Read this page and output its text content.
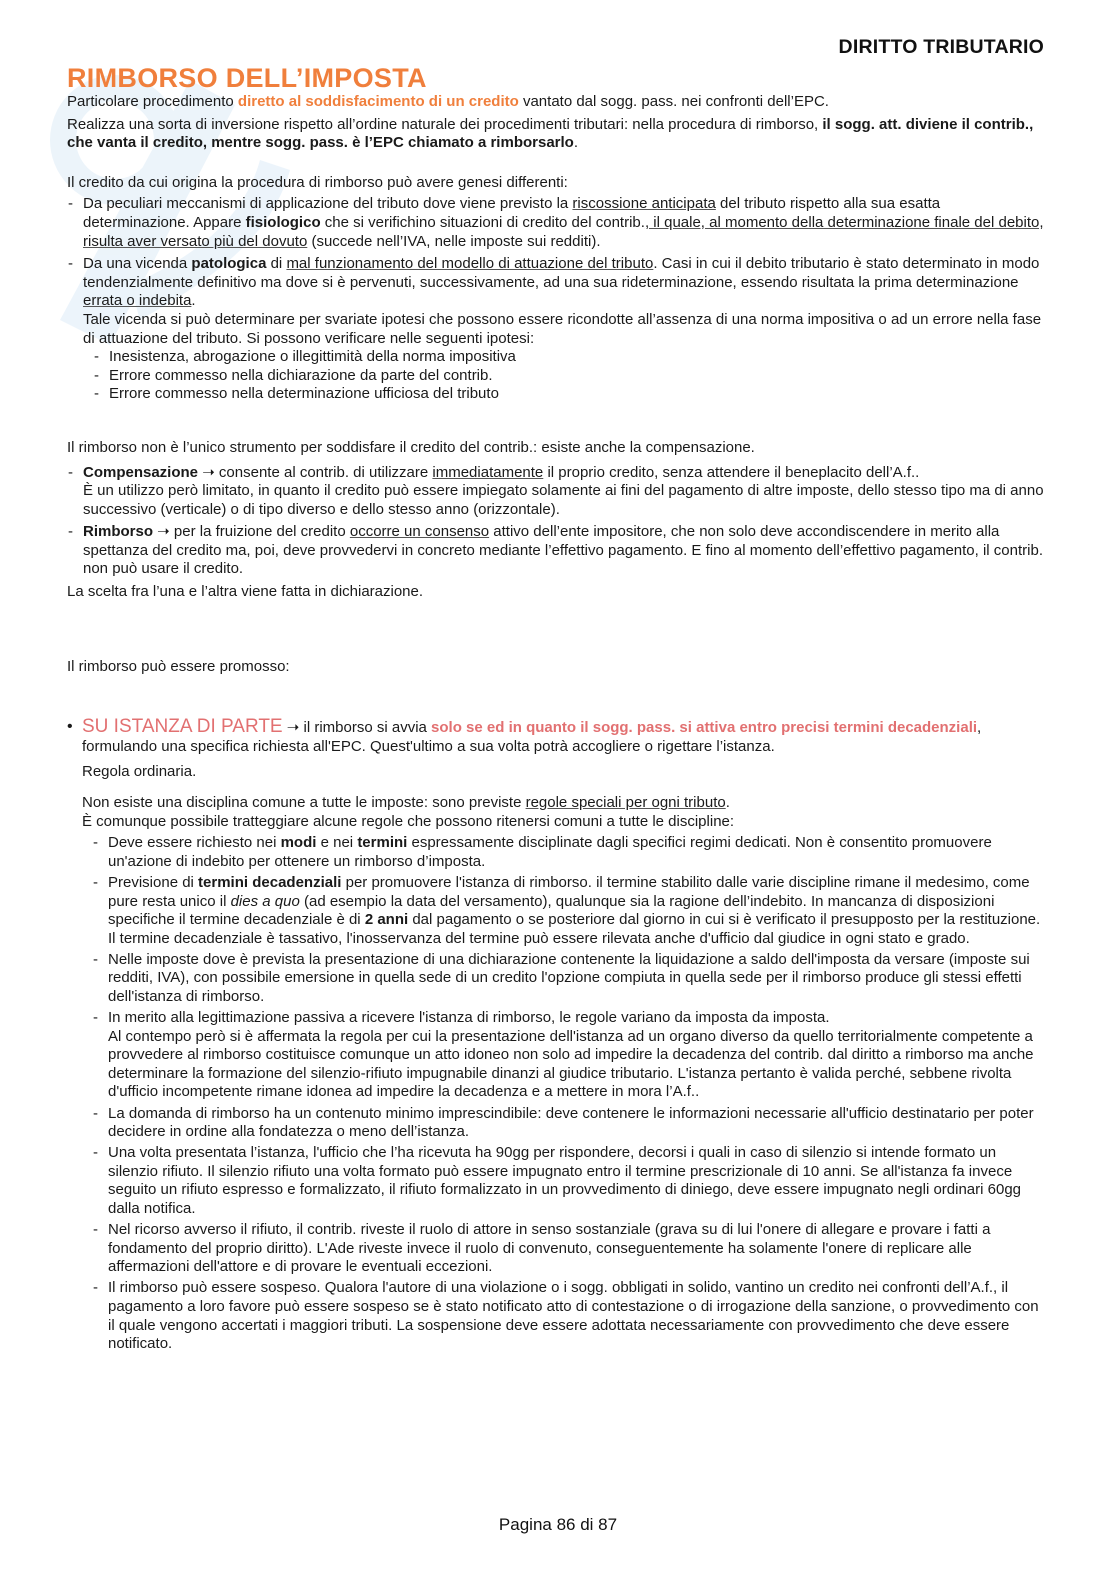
DIRITTO TRIBUTARIO
RIMBORSO DELL’IMPOSTA

Particolare procedimento diretto al soddisfacimento di un credito vantato dal sogg. pass. nei confronti dell’EPC.

Realizza una sorta di inversione rispetto all’ordine naturale dei procedimenti tributari: nella procedura di rimborso, il sogg. att. diviene il contrib., che vanta il credito, mentre sogg. pass. è l’EPC chiamato a rimborsarlo.

Il credito da cui origina la procedura di rimborso può avere genesi differenti:

- Da peculiari meccanismi di applicazione del tributo dove viene previsto la riscossione anticipata del tributo rispetto alla sua esatta determinazione. Appare fisiologico che si verifichino situazioni di credito del contrib., il quale, al momento della determinazione finale del debito, risulta aver versato più del dovuto (succede nell’IVA, nelle imposte sui redditi).
- Da una vicenda patologica di mal funzionamento del modello di attuazione del tributo. Casi in cui il debito tributario è stato determinato in modo tendenzialmente definitivo ma dove si è pervenuti, successivamente, ad una sua rideterminazione, essendo risultata la prima determinazione errata o indebita.
Tale vicenda si può determinare per svariate ipotesi che possono essere ricondotte all’assenza di una norma impositiva o ad un errore nella fase di attuazione del tributo. Si possono verificare nelle seguenti ipotesi:
- Inesistenza, abrogazione o illegittimità della norma impositiva
- Errore commesso nella dichiarazione da parte del contrib.
- Errore commesso nella determinazione ufficiosa del tributo

Il rimborso non è l’unico strumento per soddisfare il credito del contrib.: esiste anche la compensazione.

- Compensazione ➝ consente al contrib. di utilizzare immediatamente il proprio credito, senza attendere il beneplacito dell’A.f..
È un utilizzo però limitato, in quanto il credito può essere impiegato solamente ai fini del pagamento di altre imposte, dello stesso tipo ma di anno successivo (verticale) o di tipo diverso e dello stesso anno (orizzontale).
- Rimborso ➝ per la fruizione del credito occorre un consenso attivo dell’ente impositore, che non solo deve accondiscendere in merito alla spettanza del credito ma, poi, deve provvedervi in concreto mediante l’effettivo pagamento. E fino al momento dell’effettivo pagamento, il contrib. non può usare il credito.

La scelta fra l’una e l’altra viene fatta in dichiarazione.

Il rimborso può essere promosso:

• SU ISTANZA DI PARTE ➝ il rimborso si avvia solo se ed in quanto il sogg. pass. si attiva entro precisi termini decadenziali, formulando una specifica richiesta all'EPC. Quest'ultimo a sua volta potrà accogliere o rigettare l’istanza.

Regola ordinaria.

Non esiste una disciplina comune a tutte le imposte: sono previste regole speciali per ogni tributo.
È comunque possibile tratteggiare alcune regole che possono ritenersi comuni a tutte le discipline:

- Deve essere richiesto nei modi e nei termini espressamente disciplinate dagli specifici regimi dedicati. Non è consentito promuovere un'azione di indebito per ottenere un rimborso d’imposta.
- Previsione di termini decadenziali per promuovere l'istanza di rimborso. il termine stabilito dalle varie discipline rimane il medesimo, come pure resta unico il dies a quo (ad esempio la data del versamento), qualunque sia la ragione dell’indebito. In mancanza di disposizioni specifiche il termine decadenziale è di 2 anni dal pagamento o se posteriore dal giorno in cui si è verificato il presupposto per la restituzione.
Il termine decadenziale è tassativo, l'inosservanza del termine può essere rilevata anche d'ufficio dal giudice in ogni stato e grado.
- Nelle imposte dove è prevista la presentazione di una dichiarazione contenente la liquidazione a saldo dell'imposta da versare (imposte sui redditi, IVA), con possibile emersione in quella sede di un credito l'opzione compiuta in quella sede per il rimborso produce gli stessi effetti dell'istanza di rimborso.
- In merito alla legittimazione passiva a ricevere l'istanza di rimborso, le regole variano da imposta da imposta.
Al contempo però si è affermata la regola per cui la presentazione dell'istanza ad un organo diverso da quello territorialmente competente a provvedere al rimborso costituisce comunque un atto idoneo non solo ad impedire la decadenza del contrib. dal diritto a rimborso ma anche determinare la formazione del silenzio-rifiuto impugnabile dinanzi al giudice tributario. L'istanza pertanto è valida perché, sebbene rivolta d'ufficio incompetente rimane idonea ad impedire la decadenza e a mettere in mora l’A.f..
- La domanda di rimborso ha un contenuto minimo imprescindibile: deve contenere le informazioni necessarie all'ufficio destinatario per poter decidere in ordine alla fondatezza o meno dell’istanza.
- Una volta presentata l’istanza, l'ufficio che l’ha ricevuta ha 90gg per rispondere, decorsi i quali in caso di silenzio si intende formato un silenzio rifiuto. Il silenzio rifiuto una volta formato può essere impugnato entro il termine prescrizionale di 10 anni. Se all'istanza fa invece seguito un rifiuto espresso e formalizzato, il rifiuto formalizzato in un provvedimento di diniego, deve essere impugnato negli ordinari 60gg dalla notifica.
- Nel ricorso avverso il rifiuto, il contrib. riveste il ruolo di attore in senso sostanziale (grava su di lui l'onere di allegare e provare i fatti a fondamento del proprio diritto). L'Ade riveste invece il ruolo di convenuto, conseguentemente ha solamente l'onere di replicare alle affermazioni dell'attore e di provare le eventuali eccezioni.
- Il rimborso può essere sospeso. Qualora l'autore di una violazione o i sogg. obbligati in solido, vantino un credito nei confronti dell’A.f., il pagamento a loro favore può essere sospeso se è stato notificato atto di contestazione o di irrogazione della sanzione, o provvedimento con il quale vengono accertati i maggiori tributi. La sospensione deve essere adottata necessariamente con provvedimento che deve essere notificato.
Pagina 86 di 87
